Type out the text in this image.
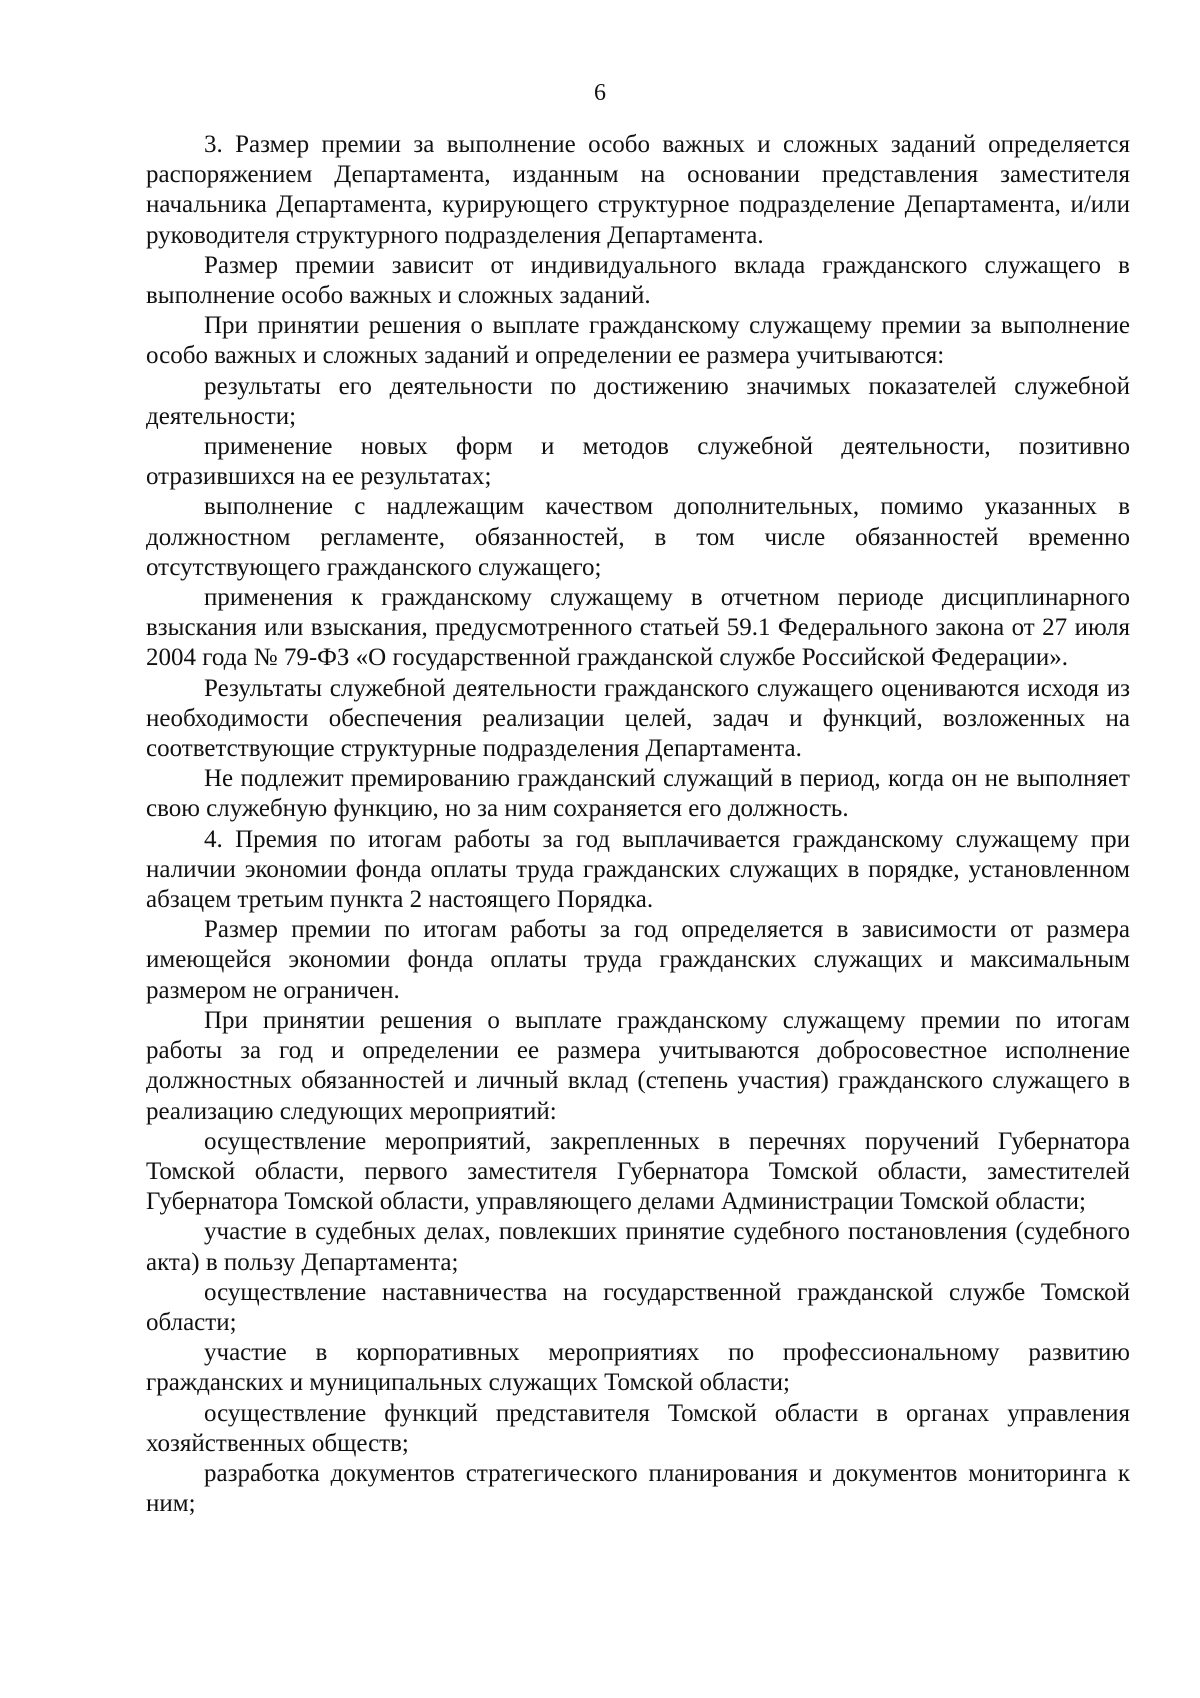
6

3. Размер премии за выполнение особо важных и сложных заданий определяется распоряжением Департамента, изданным на основании представления заместителя начальника Департамента, курирующего структурное подразделение Департамента, и/или руководителя структурного подразделения Департамента.

Размер премии зависит от индивидуального вклада гражданского служащего в выполнение особо важных и сложных заданий.

При принятии решения о выплате гражданскому служащему премии за выполнение особо важных и сложных заданий и определении ее размера учитываются:

результаты его деятельности по достижению значимых показателей служебной деятельности;

применение новых форм и методов служебной деятельности, позитивно отразившихся на ее результатах;

выполнение с надлежащим качеством дополнительных, помимо указанных в должностном регламенте, обязанностей, в том числе обязанностей временно отсутствующего гражданского служащего;

применения к гражданскому служащему в отчетном периоде дисциплинарного взыскания или взыскания, предусмотренного статьей 59.1 Федерального закона от 27 июля 2004 года № 79-ФЗ «О государственной гражданской службе Российской Федерации».

Результаты служебной деятельности гражданского служащего оцениваются исходя из необходимости обеспечения реализации целей, задач и функций, возложенных на соответствующие структурные подразделения Департамента.

Не подлежит премированию гражданский служащий в период, когда он не выполняет свою служебную функцию, но за ним сохраняется его должность.

4. Премия по итогам работы за год выплачивается гражданскому служащему при наличии экономии фонда оплаты труда гражданских служащих в порядке, установленном абзацем третьим пункта 2 настоящего Порядка.

Размер премии по итогам работы за год определяется в зависимости от размера имеющейся экономии фонда оплаты труда гражданских служащих и максимальным размером не ограничен.

При принятии решения о выплате гражданскому служащему премии по итогам работы за год и определении ее размера учитываются добросовестное исполнение должностных обязанностей и личный вклад (степень участия) гражданского служащего в реализацию следующих мероприятий:

осуществление мероприятий, закрепленных в перечнях поручений Губернатора Томской области, первого заместителя Губернатора Томской области, заместителей Губернатора Томской области, управляющего делами Администрации Томской области;

участие в судебных делах, повлекших принятие судебного постановления (судебного акта) в пользу Департамента;

осуществление наставничества на государственной гражданской службе Томской области;

участие в корпоративных мероприятиях по профессиональному развитию гражданских и муниципальных служащих Томской области;

осуществление функций представителя Томской области в органах управления хозяйственных обществ;

разработка документов стратегического планирования и документов мониторинга к ним;
